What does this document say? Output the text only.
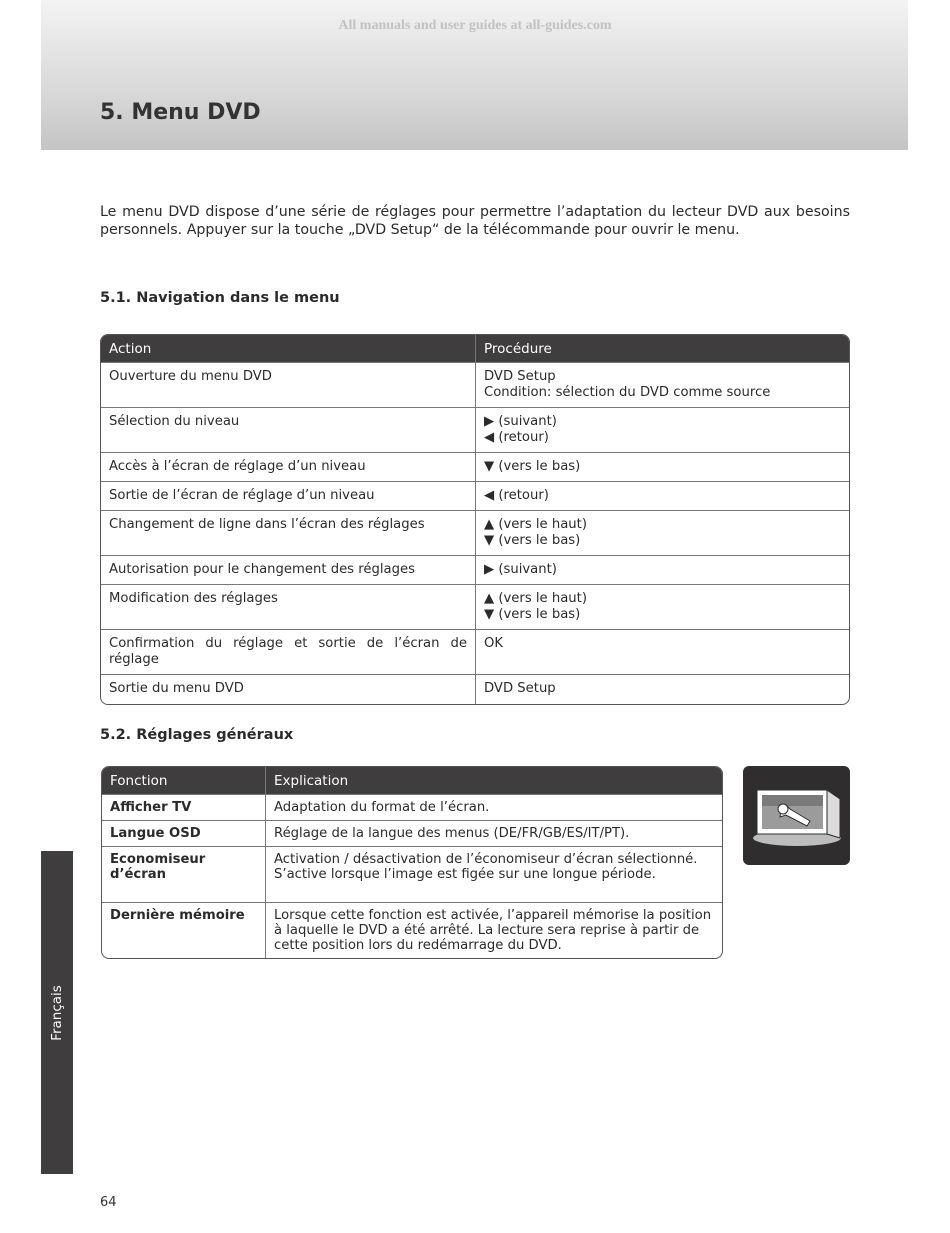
All manuals and user guides at all-guides.com
5. Menu DVD

Le menu DVD dispose d’une série de réglages pour permettre l’adaptation du lecteur DVD aux besoins personnels. Appuyer sur la touche „DVD Setup“ de la télécommande pour ouvrir le menu.

5.1. Navigation dans le menu
Action	Procédure
Ouverture du menu DVD	DVD Setup
Condition: sélection du DVD comme source

Sélection du niveau	▶ (suivant)
◀ (retour)

Accès à l’écran de réglage d’un niveau	▼ (vers le bas)

Sortie de l’écran de réglage d’un niveau	◀ (retour)

Changement de ligne dans l’écran des réglages	▲ (vers le haut)
▼ (vers le bas)

Autorisation pour le changement des réglages	▶ (suivant)

Modification des réglages	▲ (vers le haut)
▼ (vers le bas)

Confirmation du réglage et sortie de l’écran de réglage	OK

Sortie du menu DVD	DVD Setup
5.2. Réglages généraux
Fonction	Explication
Afficher TV	Adaptation du format de l’écran.
Langue OSD	Réglage de la langue des menus (DE/FR/GB/ES/IT/PT).
Economiseur d’écran	Activation / désactivation de l’économiseur d’écran sélectionné. S’active lorsque l’image est figée sur une longue période.
Dernière mémoire	Lorsque cette fonction est activée, l’appareil mémorise la position à laquelle le DVD a été arrêté. La lecture sera reprise à partir de cette position lors du redémarrage du DVD.
Français
64
